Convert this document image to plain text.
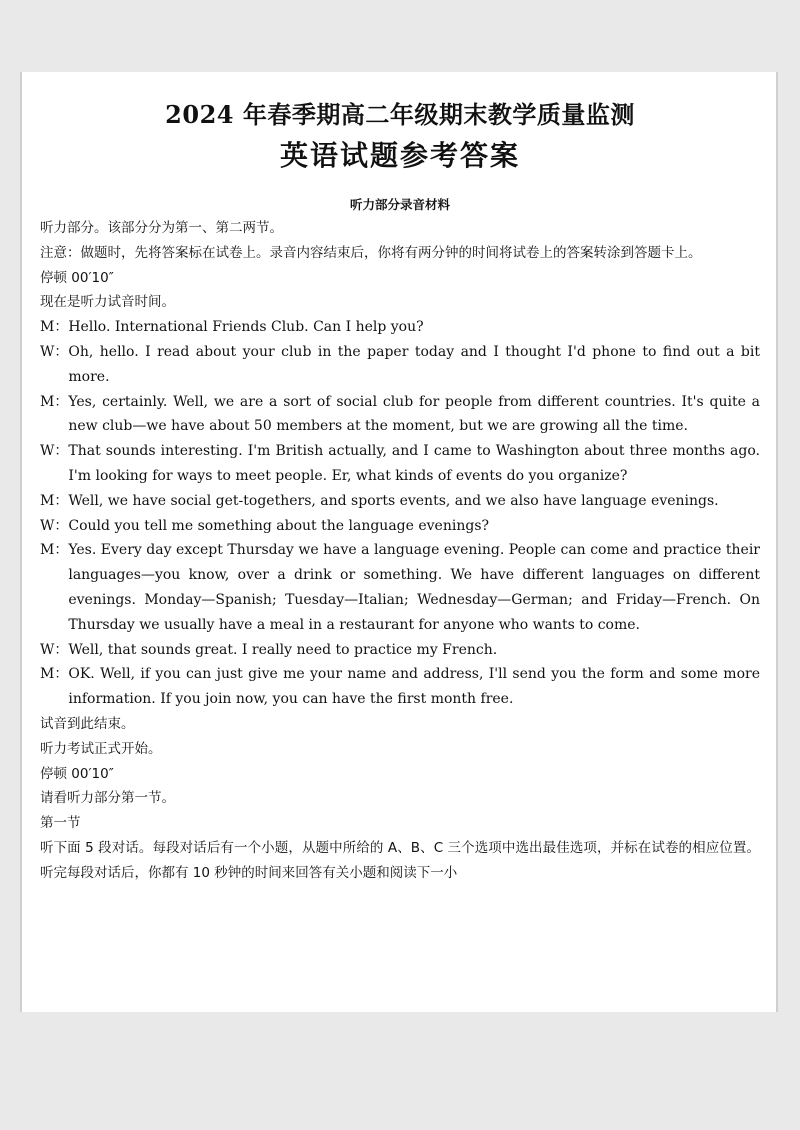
2024 年春季期高二年级期末教学质量监测
英语试题参考答案
听力部分录音材料

听力部分。该部分分为第一、第二两节。

注意：做题时，先将答案标在试卷上。录音内容结束后，你将有两分钟的时间将试卷上的答案转涂到答题卡上。

停顿 00′10″

现在是听力试音时间。

M： Hello. International Friends Club. Can I help you?
W： Oh, hello. I read about your club in the paper today and I thought I'd phone to find out a bit more.
M： Yes, certainly. Well, we are a sort of social club for people from different countries. It's quite a new club—we have about 50 members at the moment, but we are growing all the time.
W： That sounds interesting. I'm British actually, and I came to Washington about three months ago. I'm looking for ways to meet people. Er, what kinds of events do you organize?
M： Well, we have social get-togethers, and sports events, and we also have language evenings.
W： Could you tell me something about the language evenings?
M： Yes. Every day except Thursday we have a language evening. People can come and practice their languages—you know, over a drink or something. We have different languages on different evenings. Monday—Spanish; Tuesday—Italian; Wednesday—German; and Friday—French. On Thursday we usually have a meal in a restaurant for anyone who wants to come.
W： Well, that sounds great. I really need to practice my French.
M： OK. Well, if you can just give me your name and address, I'll send you the form and some more information. If you join now, you can have the first month free.

试音到此结束。

听力考试正式开始。

停顿 00′10″

请看听力部分第一节。

第一节

听下面 5 段对话。每段对话后有一个小题，从题中所给的 A、B、C 三个选项中选出最佳选项，并标在试卷的相应位置。听完每段对话后，你都有 10 秒钟的时间来回答有关小题和阅读下一小
